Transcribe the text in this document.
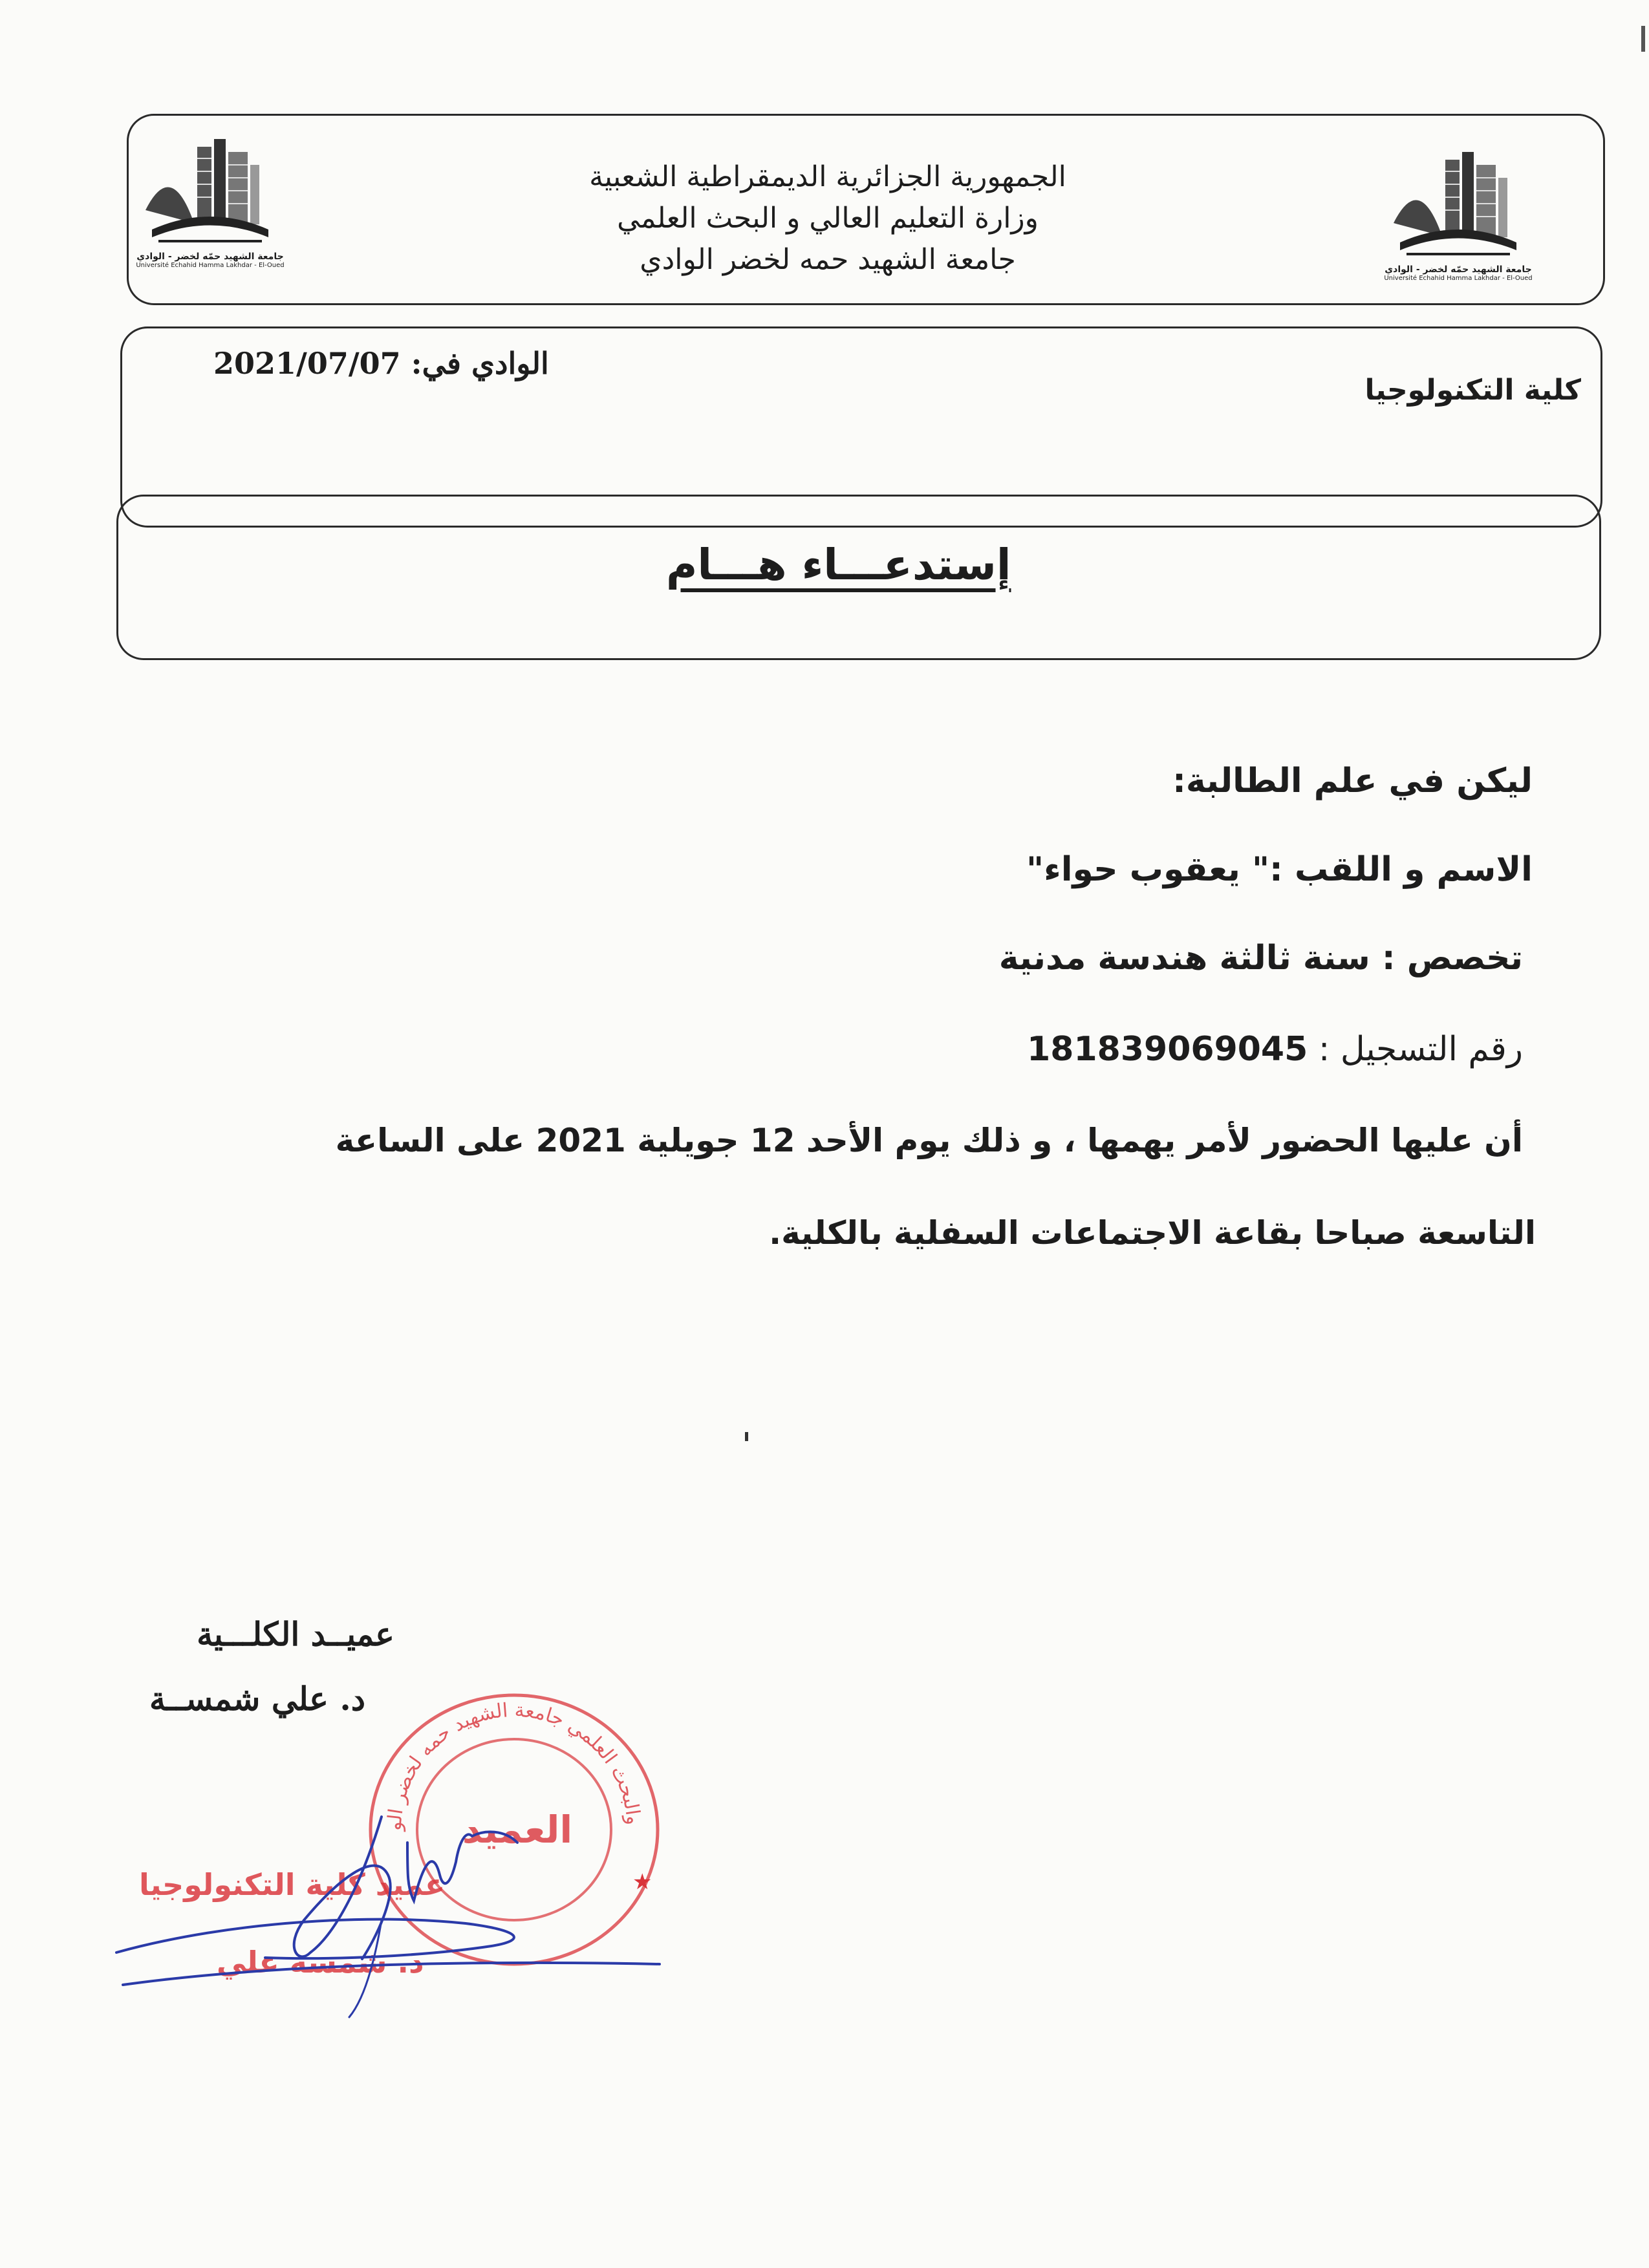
جامعة الشهيد حمّه لخضر - الوادي
Université Echahid Hamma Lakhdar - El-Oued	جامعة الشهيد حمّه لخضر - الوادي
Université Echahid Hamma Lakhdar - El-Oued
الجمهورية الجزائرية الديمقراطية الشعبية
وزارة التعليم العالي و البحث العلمي
جامعة الشهيد حمه لخضر الوادي
كلية التكنولوجيا
الوادي في: 2021/07/07
إستدعـــاء هـــام
ليكن في علم الطالبة:
الاسم و اللقب :" يعقوب حواء"
تخصص : سنة ثالثة هندسة مدنية
رقم التسجيل : 181839069045
أن عليها الحضور لأمر يهمها ، و ذلك يوم الأحد 12 جويلية 2021 على الساعة
التاسعة صباحا بقاعة الاجتماعات السفلية بالكلية.
عميــد الكلـــية
د. علي شمســة
والبحث العلمي جامعة الشهيد حمه لخضر الو	العميد
★
عميد كلية التكنولوجيا
د. شمسة علي
